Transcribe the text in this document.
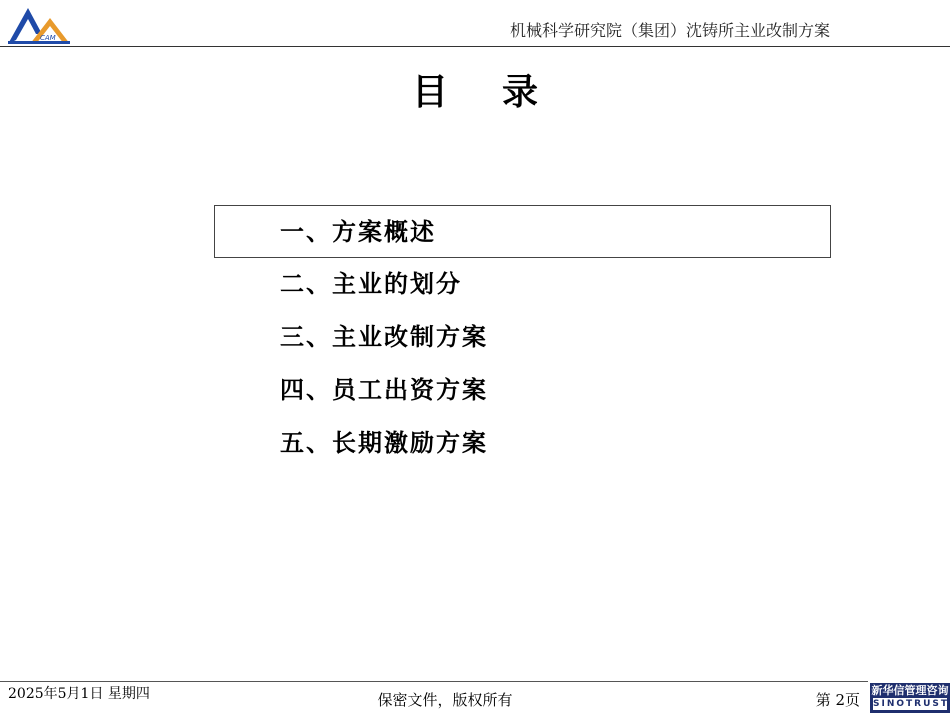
CAM	机械科学研究院（集团）沈铸所主业改制方案
目录
一、方案概述
二、主业的划分
三、主业改制方案
四、员工出资方案
五、长期激励方案
2025年5月1日 星期四	保密文件，版权所有	第 2页
新华信管理咨询
SINOTRUST
